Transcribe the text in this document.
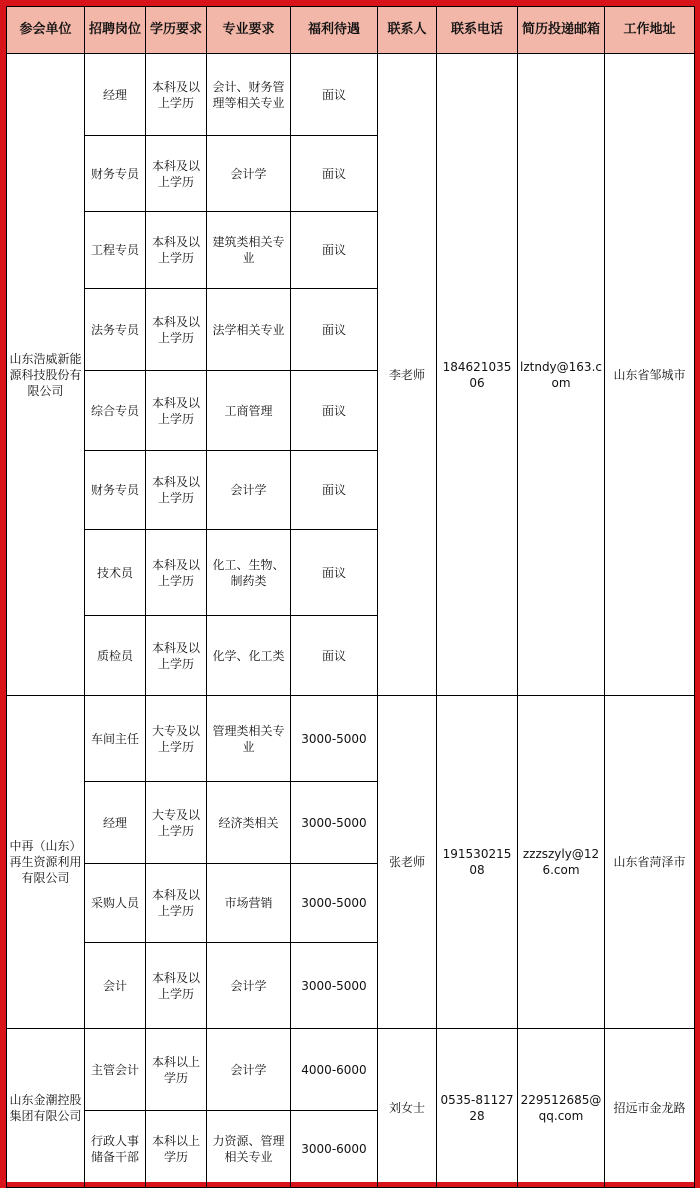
参会单位	招聘岗位	学历要求	专业要求	福利待遇	联系人	联系电话	简历投递邮箱	工作地址
山东浩威新能源科技股份有限公司	经理	本科及以上学历	会计、财务管理等相关专业	面议	李老师	18462103506	lztndy@163.com	山东省邹城市
	财务专员	本科及以上学历	会计学	面议				
	工程专员	本科及以上学历	建筑类相关专业	面议				
	法务专员	本科及以上学历	法学相关专业	面议				
	综合专员	本科及以上学历	工商管理	面议				
	财务专员	本科及以上学历	会计学	面议				
	技术员	本科及以上学历	化工、生物、制药类	面议				
	质检员	本科及以上学历	化学、化工类	面议				
中再（山东）再生资源利用有限公司	车间主任	大专及以上学历	管理类相关专业	3000-5000	张老师	19153021508	zzzszyly@126.com	山东省菏泽市
	经理	大专及以上学历	经济类相关	3000-5000				
	采购人员	本科及以上学历	市场营销	3000-5000				
	会计	本科及以上学历	会计学	3000-5000				
山东金潮控股集团有限公司	主管会计	本科以上学历	会计学	4000-6000	刘女士	0535-8112728	229512685@qq.com	招远市金龙路
	行政人事储备干部	本科以上学历	力资源、管理相关专业	3000-6000				
